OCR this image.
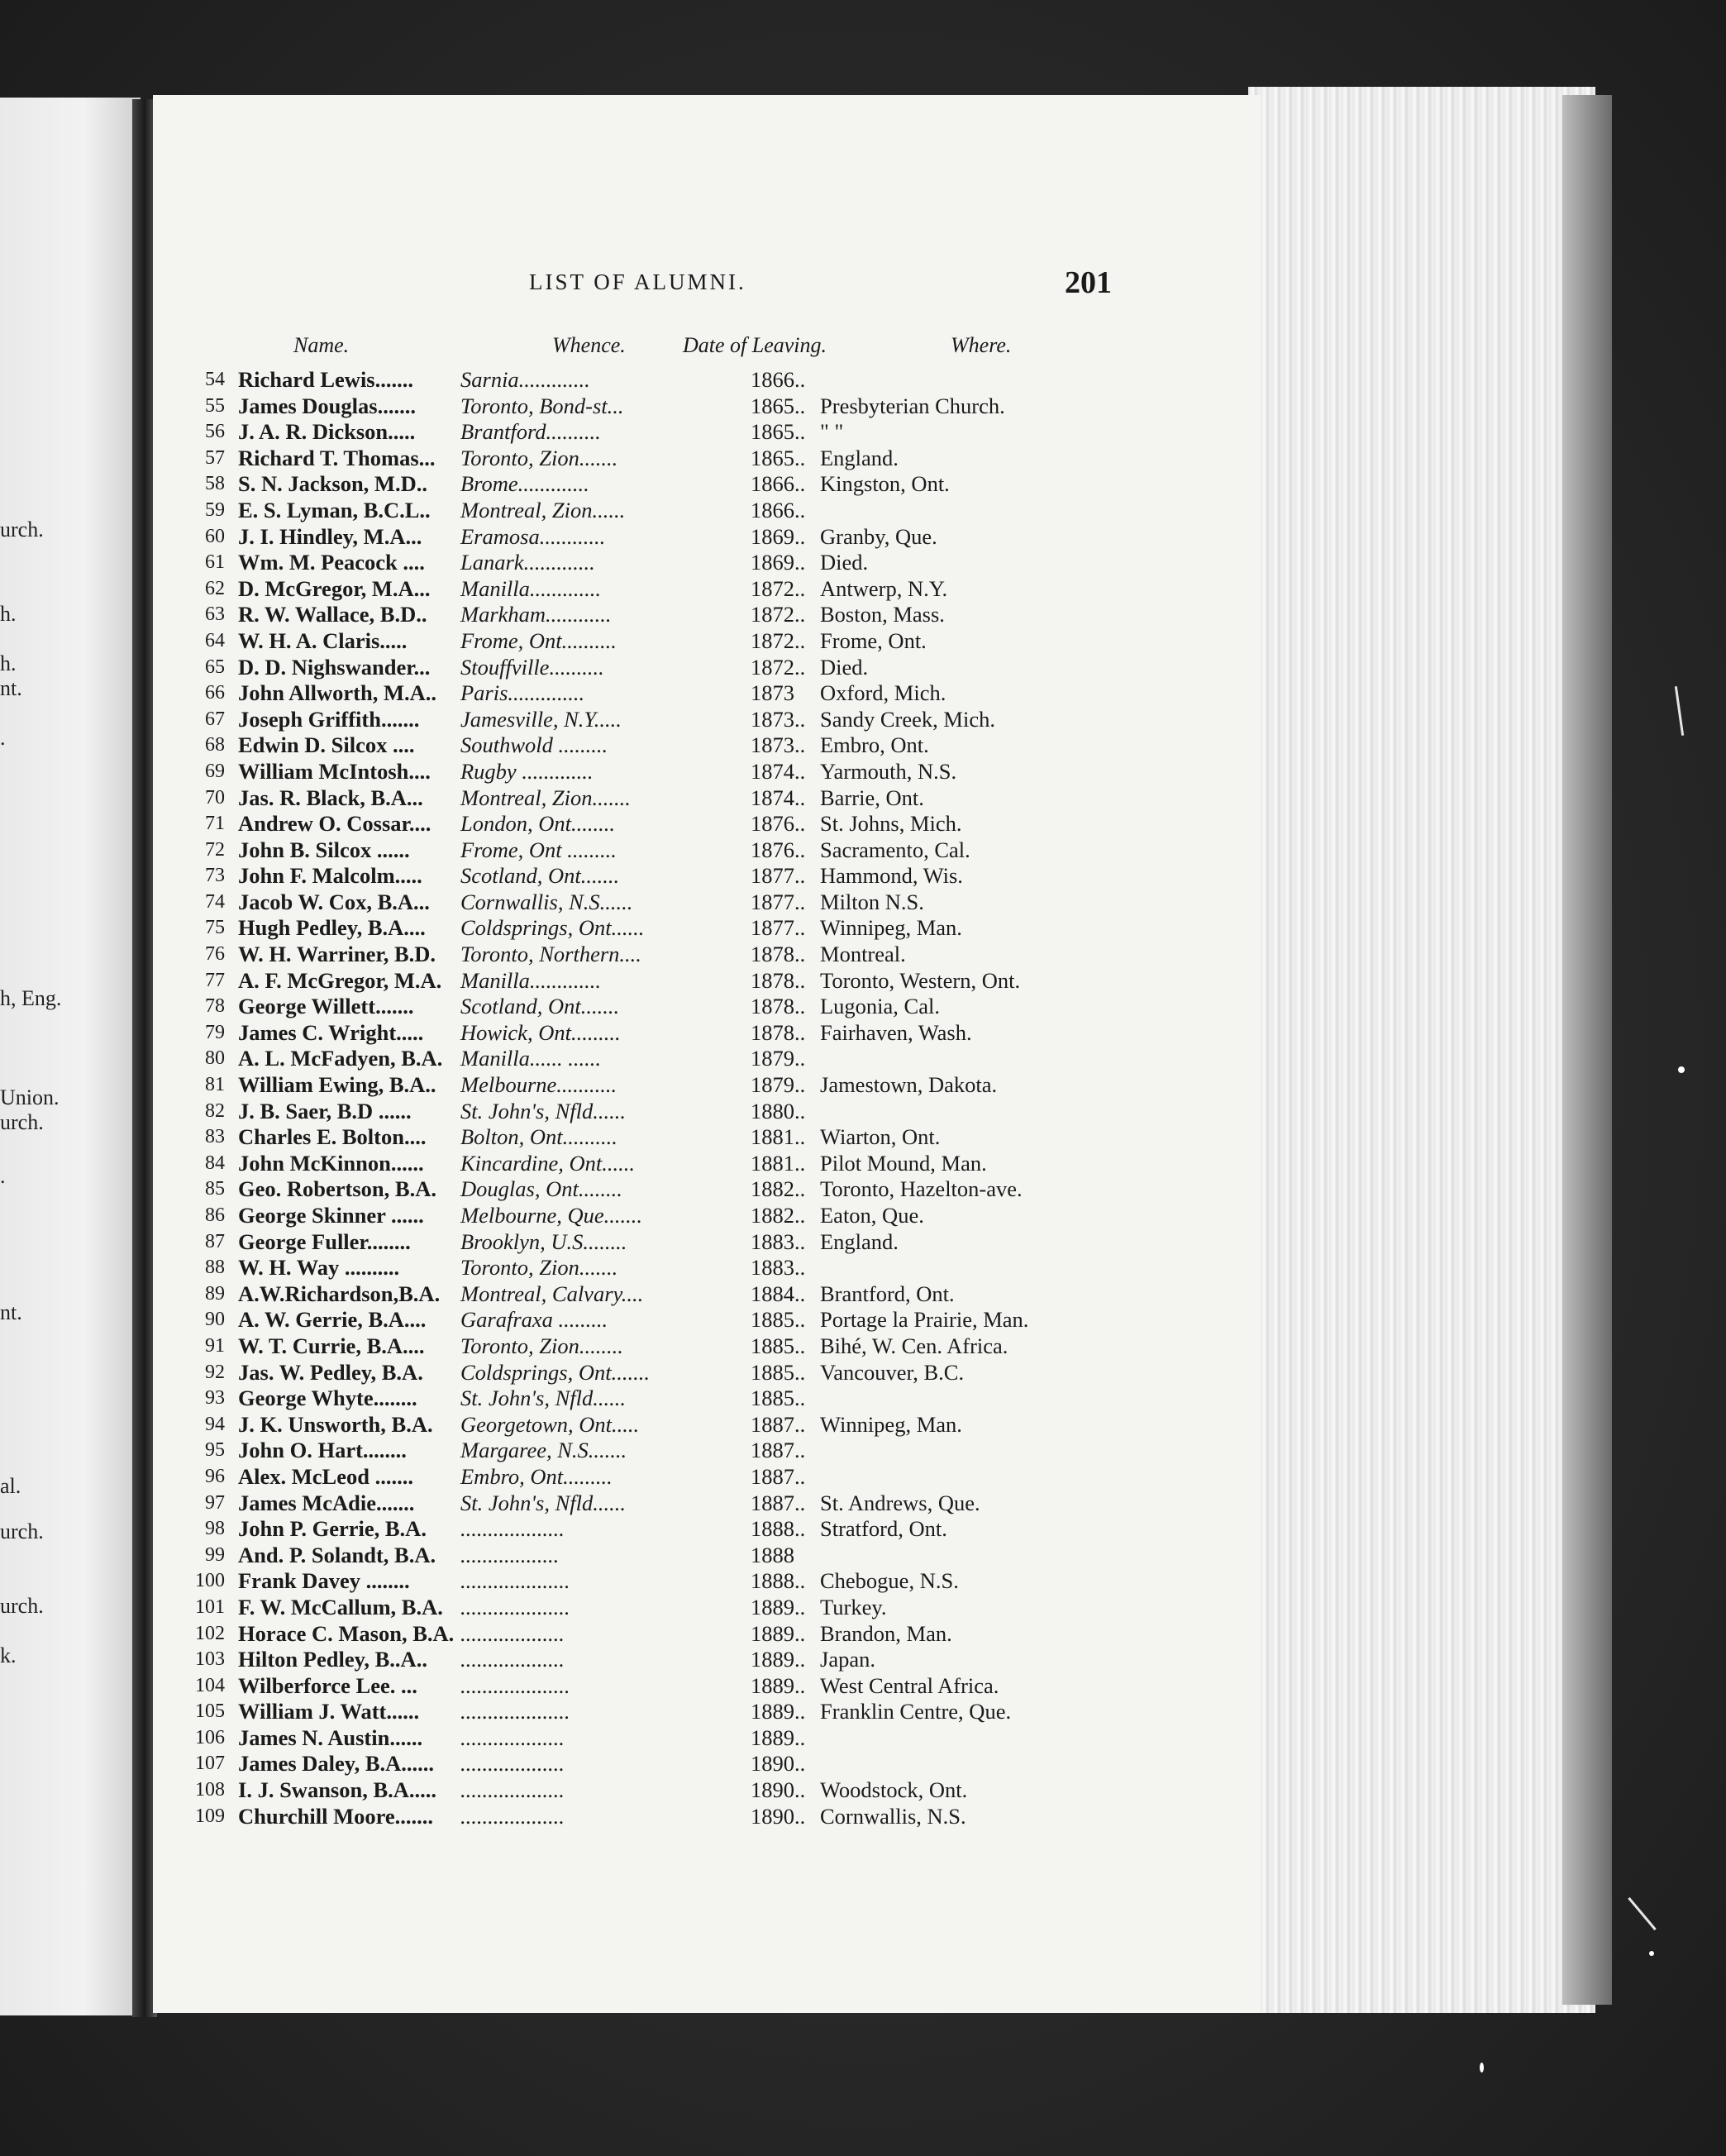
urch.
h.
h.
nt.
.
h, Eng.
Union.
urch.
.
nt.
al.
urch.
urch.
k.
LIST OF ALUMNI.	201
Name.	Whence.	Date of Leaving.	Where.
54 Richard Lewis....... Sarnia.............	1866..
55 James Douglas....... Toronto, Bond-st...	1865.. Presbyterian Church.
56 J. A. R. Dickson..... Brantford..........	1865.. " "
57 Richard T. Thomas... Toronto, Zion.......	1865.. England.
58 S. N. Jackson, M.D.. Brome.............	1866.. Kingston, Ont.
59 E. S. Lyman, B.C.L.. Montreal, Zion......	1866..
60 J. I. Hindley, M.A... Eramosa............	1869.. Granby, Que.
61 Wm. M. Peacock .... Lanark.............	1869.. Died.
62 D. McGregor, M.A... Manilla.............	1872.. Antwerp, N.Y.
63 R. W. Wallace, B.D.. Markham............	1872.. Boston, Mass.
64 W. H. A. Claris..... Frome, Ont..........	1872.. Frome, Ont.
65 D. D. Nighswander... Stouffville..........	1872.. Died.
66 John Allworth, M.A.. Paris..............	1873 Oxford, Mich.
67 Joseph Griffith....... Jamesville, N.Y.....	1873.. Sandy Creek, Mich.
68 Edwin D. Silcox .... Southwold .........	1873.. Embro, Ont.
69 William McIntosh.... Rugby .............	1874.. Yarmouth, N.S.
70 Jas. R. Black, B.A... Montreal, Zion.......	1874.. Barrie, Ont.
71 Andrew O. Cossar.... London, Ont........	1876.. St. Johns, Mich.
72 John B. Silcox ...... Frome, Ont .........	1876.. Sacramento, Cal.
73 John F. Malcolm..... Scotland, Ont.......	1877.. Hammond, Wis.
74 Jacob W. Cox, B.A... Cornwallis, N.S......	1877.. Milton N.S.
75 Hugh Pedley, B.A.... Coldsprings, Ont......	1877.. Winnipeg, Man.
76 W. H. Warriner, B.D. Toronto, Northern....	1878.. Montreal.
77 A. F. McGregor, M.A. Manilla.............	1878.. Toronto, Western, Ont.
78 George Willett....... Scotland, Ont.......	1878.. Lugonia, Cal.
79 James C. Wright..... Howick, Ont.........	1878.. Fairhaven, Wash.
80 A. L. McFadyen, B.A. Manilla...... ......	1879..
81 William Ewing, B.A.. Melbourne...........	1879.. Jamestown, Dakota.
82 J. B. Saer, B.D ...... St. John's, Nfld......	1880..
83 Charles E. Bolton.... Bolton, Ont..........	1881.. Wiarton, Ont.
84 John McKinnon...... Kincardine, Ont......	1881.. Pilot Mound, Man.
85 Geo. Robertson, B.A. Douglas, Ont........	1882.. Toronto, Hazelton-ave.
86 George Skinner ...... Melbourne, Que.......	1882.. Eaton, Que.
87 George Fuller........ Brooklyn, U.S........	1883.. England.
88 W. H. Way ..........	Toronto, Zion.......	1883..
89 A.W.Richardson,B.A. Montreal, Calvary....	1884.. Brantford, Ont.
90 A. W. Gerrie, B.A.... Garafraxa .........	1885.. Portage la Prairie, Man.
91 W. T. Currie, B.A.... Toronto, Zion........	1885.. Bihé, W. Cen. Africa.
92 Jas. W. Pedley, B.A. Coldsprings, Ont.......	1885.. Vancouver, B.C.
93 George Whyte........ St. John's, Nfld......	1885..
94 J. K. Unsworth, B.A. Georgetown, Ont.....	1887.. Winnipeg, Man.
95 John O. Hart........ Margaree, N.S.......	1887..
96 Alex. McLeod ....... Embro, Ont.........	1887..
97 James McAdie....... St. John's, Nfld......	1887.. St. Andrews, Que.
98 John P. Gerrie, B.A. ...................	1888.. Stratford, Ont.
99 And. P. Solandt, B.A. ..................	1888
100 Frank Davey ........ ....................	1888.. Chebogue, N.S.
101 F. W. McCallum, B.A. ....................	1889.. Turkey.
102 Horace C. Mason, B.A. ...................	1889.. Brandon, Man.
103 Hilton Pedley, B..A.. ...................	1889.. Japan.
104 Wilberforce Lee. ... ....................	1889.. West Central Africa.
105 William J. Watt...... ....................	1889.. Franklin Centre, Que.
106 James N. Austin...... ...................	1889..
107 James Daley, B.A...... ...................	1890..
108 I. J. Swanson, B.A..... ...................	1890.. Woodstock, Ont.
109 Churchill Moore....... ...................	1890.. Cornwallis, N.S.
